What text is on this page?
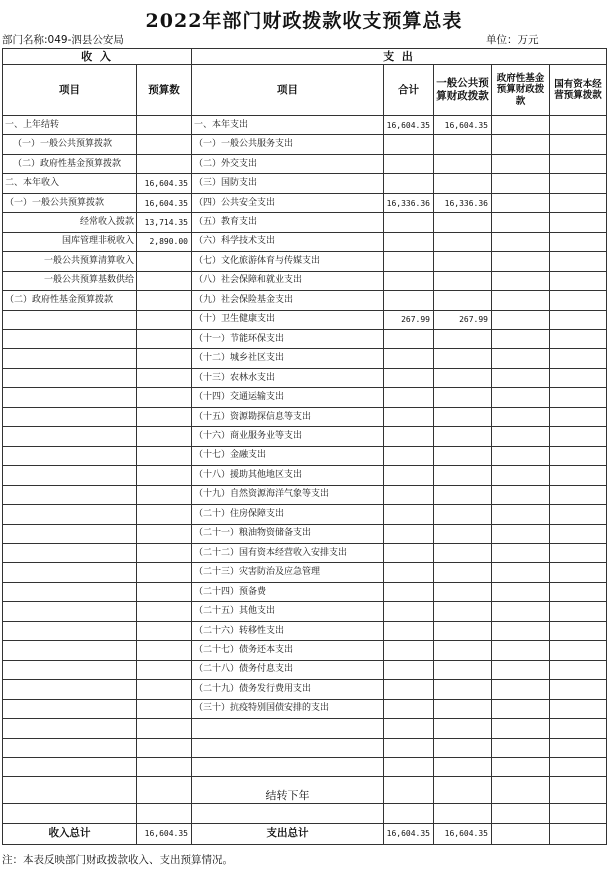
2022年部门财政拨款收支预算总表
部门名称:049-泗县公安局	单位：万元
收 入		支 出				
项目	预算数	项目	合计	一般公共预算财政拨款	政府性基金预算财政拨款	国有资本经营预算拨款
一、上年结转		一、本年支出	16,604.35	16,604.35		
（一）一般公共预算拨款		（一）一般公共服务支出				
（二）政府性基金预算拨款		（二）外交支出				
二、本年收入	16,604.35	（三）国防支出				
（一）一般公共预算拨款	16,604.35	（四）公共安全支出	16,336.36	16,336.36		
经常收入拨款	13,714.35	（五）教育支出				
国库管理非税收入	2,890.00	（六）科学技术支出				
一般公共预算清算收入		（七）文化旅游体育与传媒支出				
一般公共预算基数供给		（八）社会保障和就业支出				
（二）政府性基金预算拨款		（九）社会保险基金支出				
		（十）卫生健康支出	267.99	267.99		
		（十一）节能环保支出				
		（十二）城乡社区支出				
		（十三）农林水支出				
		（十四）交通运输支出				
		（十五）资源勘探信息等支出				
		（十六）商业服务业等支出				
		（十七）金融支出				
		（十八）援助其他地区支出				
		（十九）自然资源海洋气象等支出				
		（二十）住房保障支出				
		（二十一）粮油物资储备支出				
		（二十二）国有资本经营收入安排支出				
		（二十三）灾害防治及应急管理				
		（二十四）预备费				
		（二十五）其他支出				
		（二十六）转移性支出				
		（二十七）债务还本支出				
		（二十八）债务付息支出				
		（二十九）债务发行费用支出				
		（三十）抗疫特别国债安排的支出				

		结转下年				

收入总计	16,604.35	支出总计	16,604.35	16,604.35		
注：本表反映部门财政拨款收入、支出预算情况。
